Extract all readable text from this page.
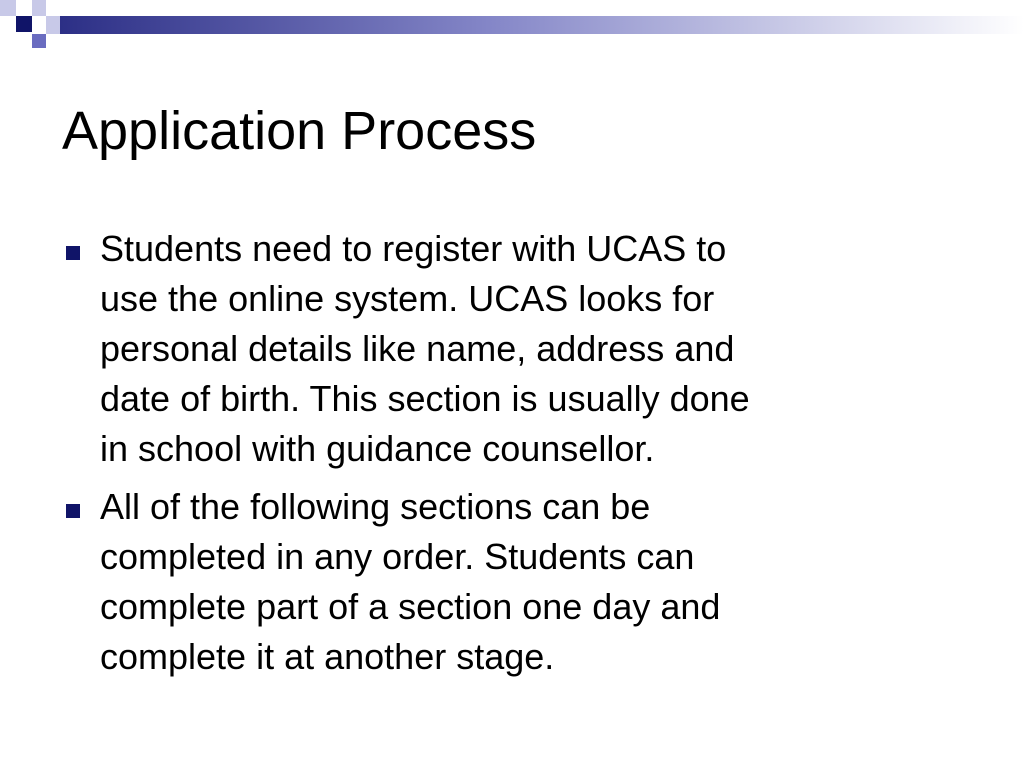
Application Process
Students need to register with UCAS to
use the online system. UCAS looks for
personal details like name, address and
date of birth. This section is usually done
in school with guidance counsellor.
All of the following sections can be
completed in any order. Students can
complete part of a section one day and
complete it at another stage.
